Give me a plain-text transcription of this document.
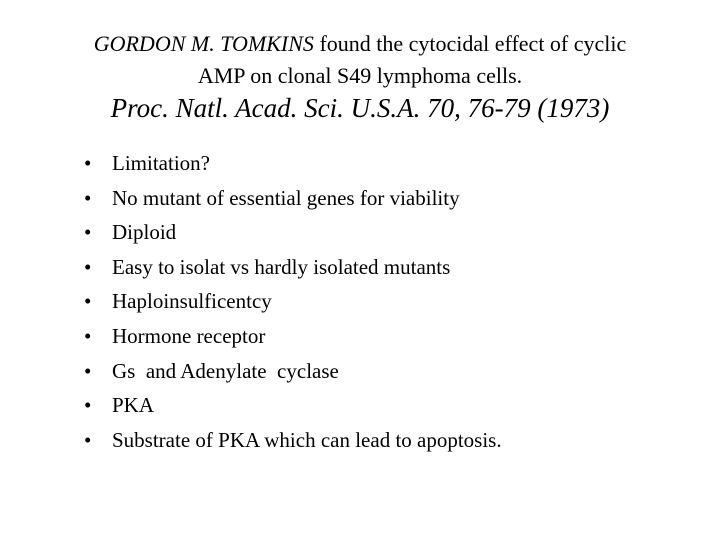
GORDON M. TOMKINS found the cytocidal effect of cyclic
AMP on clonal S49 lymphoma cells.
Proc. Natl. Acad. Sci. U.S.A. 70, 76-79 (1973)
• Limitation?
• No mutant of essential genes for viability
• Diploid
• Easy to isolat vs hardly isolated mutants
• Haploinsulficentcy
• Hormone receptor
• Gs  and Adenylate  cyclase
• PKA
• Substrate of PKA which can lead to apoptosis.
